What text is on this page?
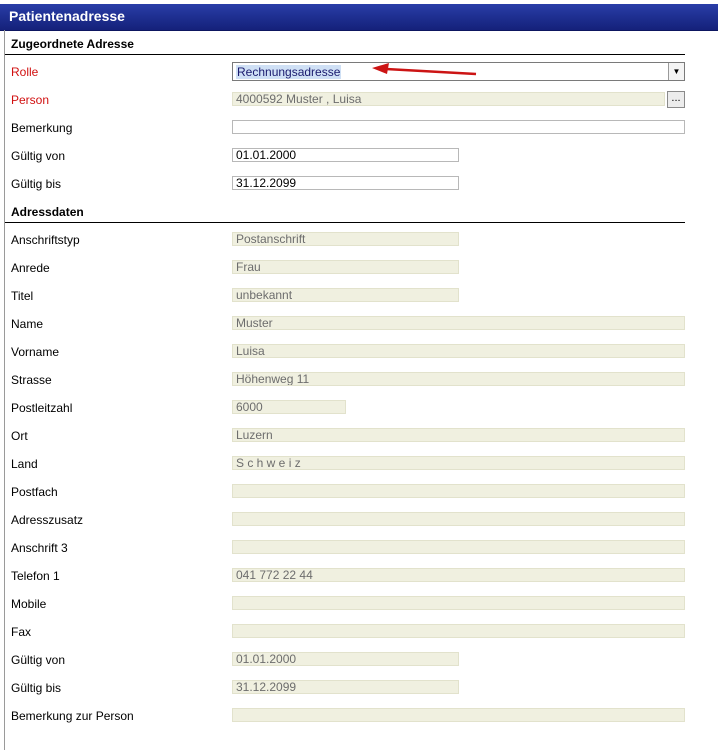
Patientenadresse
Zugeordnete Adresse
Rolle	Rechnungsadresse	▼
Person	4000592 Muster , Luisa	...
Bemerkung
Gültig von	01.01.2000
Gültig bis	31.12.2099
Adressdaten
Anschriftstyp	Postanschrift
Anrede	Frau
Titel	unbekannt
Name	Muster
Vorname	Luisa
Strasse	Höhenweg 11
Postleitzahl	6000
Ort	Luzern
Land	S c h w e i z
Postfach
Adresszusatz
Anschrift 3
Telefon 1	041 772 22 44
Mobile
Fax
Gültig von	01.01.2000
Gültig bis	31.12.2099
Bemerkung zur Person
